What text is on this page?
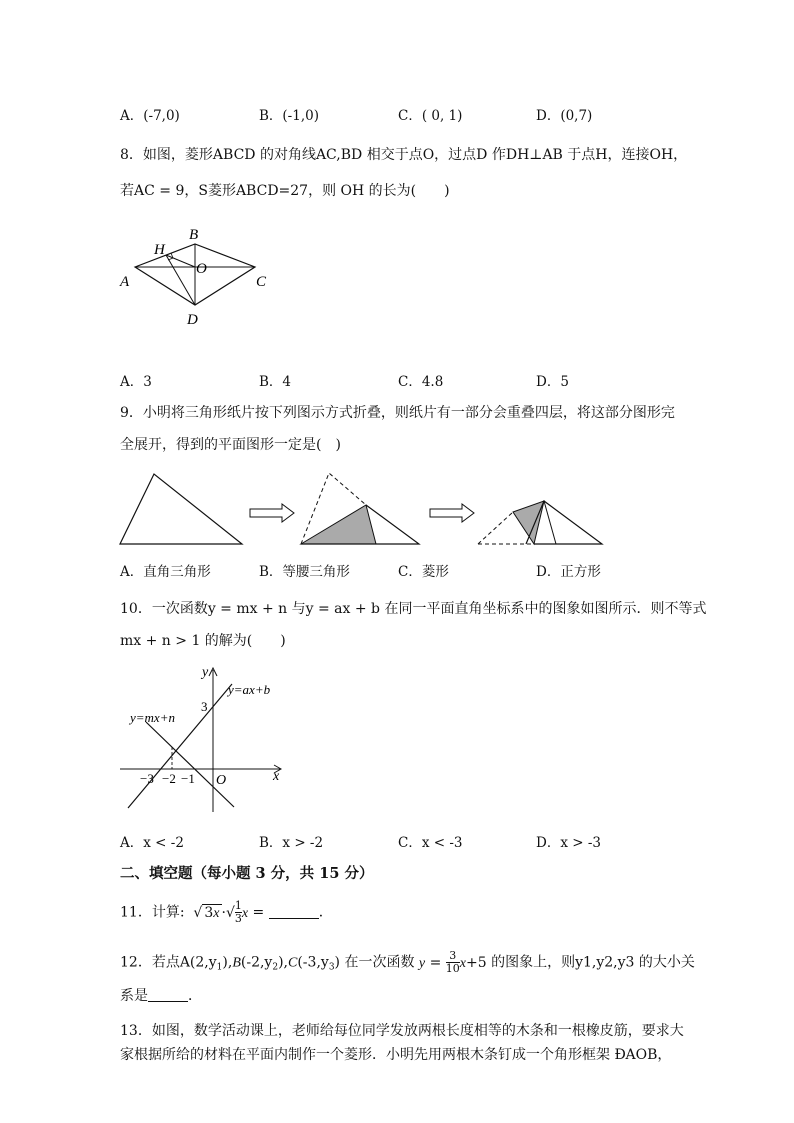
A．(-7,0)	B．(-1,0)	C．( 0, 1)	D．(0,7)
8．如图，菱形ABCD 的对角线AC,BD 相交于点O，过点D 作DH⊥AB 于点H，连接OH，
若AC = 9，S菱形ABCD=27，则 OH 的长为(　　)
H
B
O
A	C
D
A．3	B．4	C．4.8	D．5
9．小明将三角形纸片按下列图示方式折叠，则纸片有一部分会重叠四层，将这部分图形完
全展开，得到的平面图形一定是(　)
A．直角三角形	B．等腰三角形	C．菱形	D．正方形
10．一次函数y = mx + n 与y = ax + b 在同一平面直角坐标系中的图象如图所示．则不等式
mx + n > 1 的解为(　　)
y
x
O
y=ax+b
y=mx+n
3
−3 −2 −1
A．x < -2	B．x > -2	C．x < -3	D．x > -3
二、填空题（每小题 3 分，共 15 分）
11．计算:  √ 3x ·√ $\frac{1}{3}$ x =	．
12．若点$A(2,y_1),B(-2,y_2),C(-3,y_3)$ 在一次函数 $y = \frac{3}{10} x+5$ 的图象上，则y1,y2,y3 的大小关
系是	．
13．如图，数学活动课上，老师给每位同学发放两根长度相等的木条和一根橡皮筋，要求大
家根据所给的材料在平面内制作一个菱形．小明先用两根木条钉成一个角形框架 ÐAOB，
